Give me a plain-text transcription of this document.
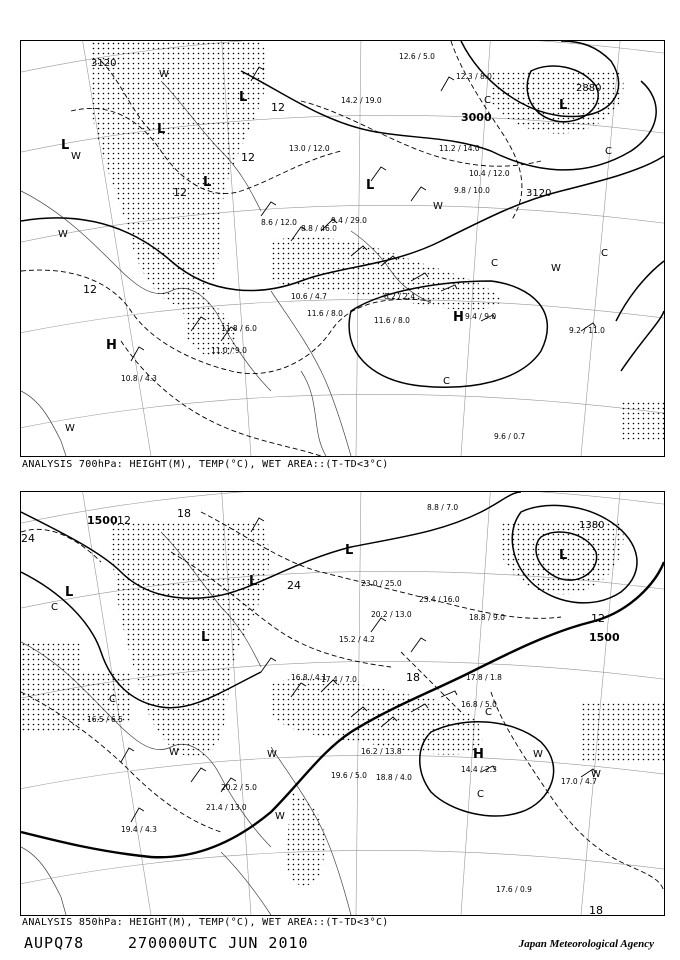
3120
3000
2880
3120
12
12
12
12
L
L
L
L	L
L
H
H
W
W
W
W
W
W
C
C
C
C
C
11.2 / 14.0
10.4 / 12.0
9.8 / 10.0
8.2 / 2.4
11.6 / 8.0	9.4 / 9.0
9.2 / 11.0
10.8 / 4.3
11.0 / 9.0
11.8 / 6.0
8.6 / 12.0
8.8 / 46.0
9.4 / 29.0
13.0 / 12.0
14.2 / 19.0
9.6 / 0.7
11.6 / 8.0
10.6 / 4.7
12.3 / 8.0
12.6 / 5.0
ANALYSIS 700hPa: HEIGHT(M), TEMP(°C), WET AREA::(T-TD<3°C)
1500	1380
1500
12
18
24
24
18
12
18
L
L
L
L	L
H
W
W
W	W
W
C
C
C
C
23.0 / 25.0
20.2 / 13.0
17.4 / 7.0
16.2 / 13.8
18.8 / 4.0
19.6 / 5.0
14.4 / 2.3
17.0 / 4.7
17.6 / 0.9
21.4 / 13.0
19.4 / 4.3
16.8 / 5.0
17.8 / 1.8
16.8 / 4.1
15.2 / 4.2
23.4 / 16.0
18.8 / 9.0
8.8 / 7.0
16.5 / 6.5
20.2 / 5.0
ANALYSIS 850hPa: HEIGHT(M), TEMP(°C), WET AREA::(T-TD<3°C)
AUPQ78	270000UTC JUN 2010	Japan Meteorological Agency
